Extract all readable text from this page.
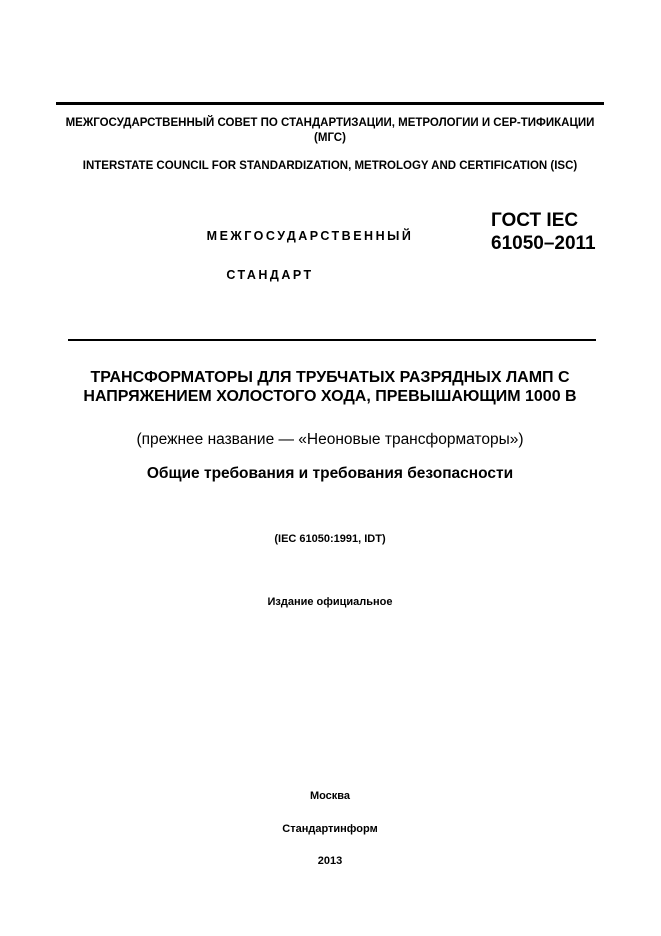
МЕЖГОСУДАРСТВЕННЫЙ СОВЕТ ПО СТАНДАРТИЗАЦИИ, МЕТРОЛОГИИ И СЕР-ТИФИКАЦИИ (МГС)
INTERSTATE COUNCIL FOR STANDARDIZATION, METROLOGY AND CERTIFICATION (ISC)
МЕЖГОСУДАРСТВЕННЫЙ
СТАНДАРТ
ГОСТ IEC 61050–2011
ТРАНСФОРМАТОРЫ ДЛЯ ТРУБЧАТЫХ РАЗРЯДНЫХ ЛАМП С НАПРЯЖЕНИЕМ ХОЛОСТОГО ХОДА, ПРЕВЫШАЮЩИМ 1000 В
(прежнее название — «Неоновые трансформаторы»)
Общие требования и требования безопасности
(IEC 61050:1991, IDT)
Издание официальное
Москва
Стандартинформ
2013
